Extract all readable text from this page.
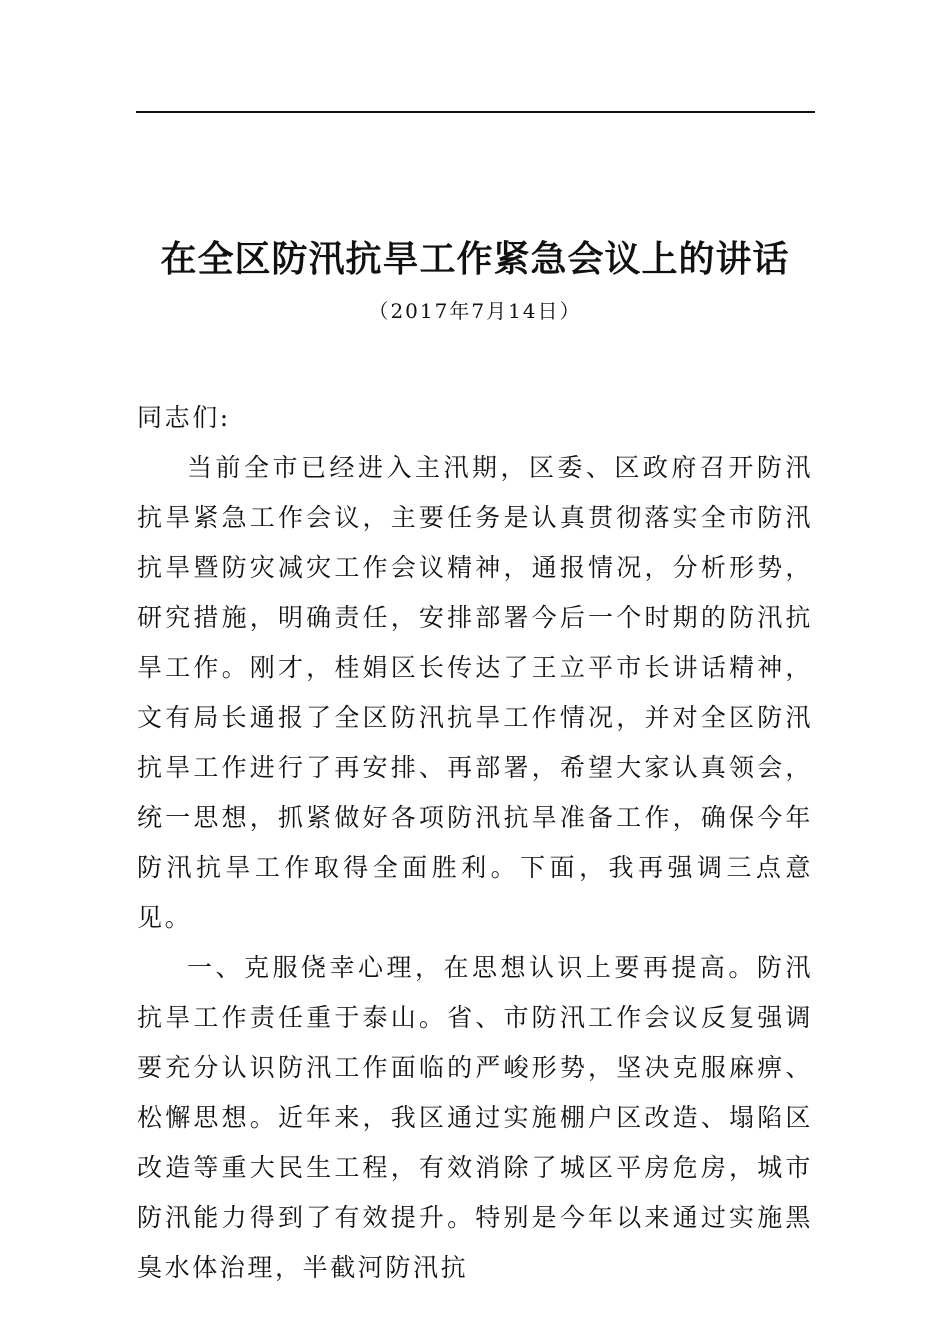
在全区防汛抗旱工作紧急会议上的讲话

（2017年7月14日）

同志们:

当前全市已经进入主汛期，区委、区政府召开防汛抗旱紧急工作会议，主要任务是认真贯彻落实全市防汛抗旱暨防灾减灾工作会议精神，通报情况，分析形势，研究措施，明确责任，安排部署今后一个时期的防汛抗旱工作。刚才，桂娟区长传达了王立平市长讲话精神，文有局长通报了全区防汛抗旱工作情况，并对全区防汛抗旱工作进行了再安排、再部署，希望大家认真领会，统一思想，抓紧做好各项防汛抗旱准备工作，确保今年防汛抗旱工作取得全面胜利。下面，我再强调三点意见。

一、克服侥幸心理，在思想认识上要再提高。防汛抗旱工作责任重于泰山。省、市防汛工作会议反复强调要充分认识防汛工作面临的严峻形势，坚决克服麻痹、松懈思想。近年来，我区通过实施棚户区改造、塌陷区改造等重大民生工程，有效消除了城区平房危房，城市防汛能力得到了有效提升。特别是今年以来通过实施黑臭水体治理，半截河防汛抗
